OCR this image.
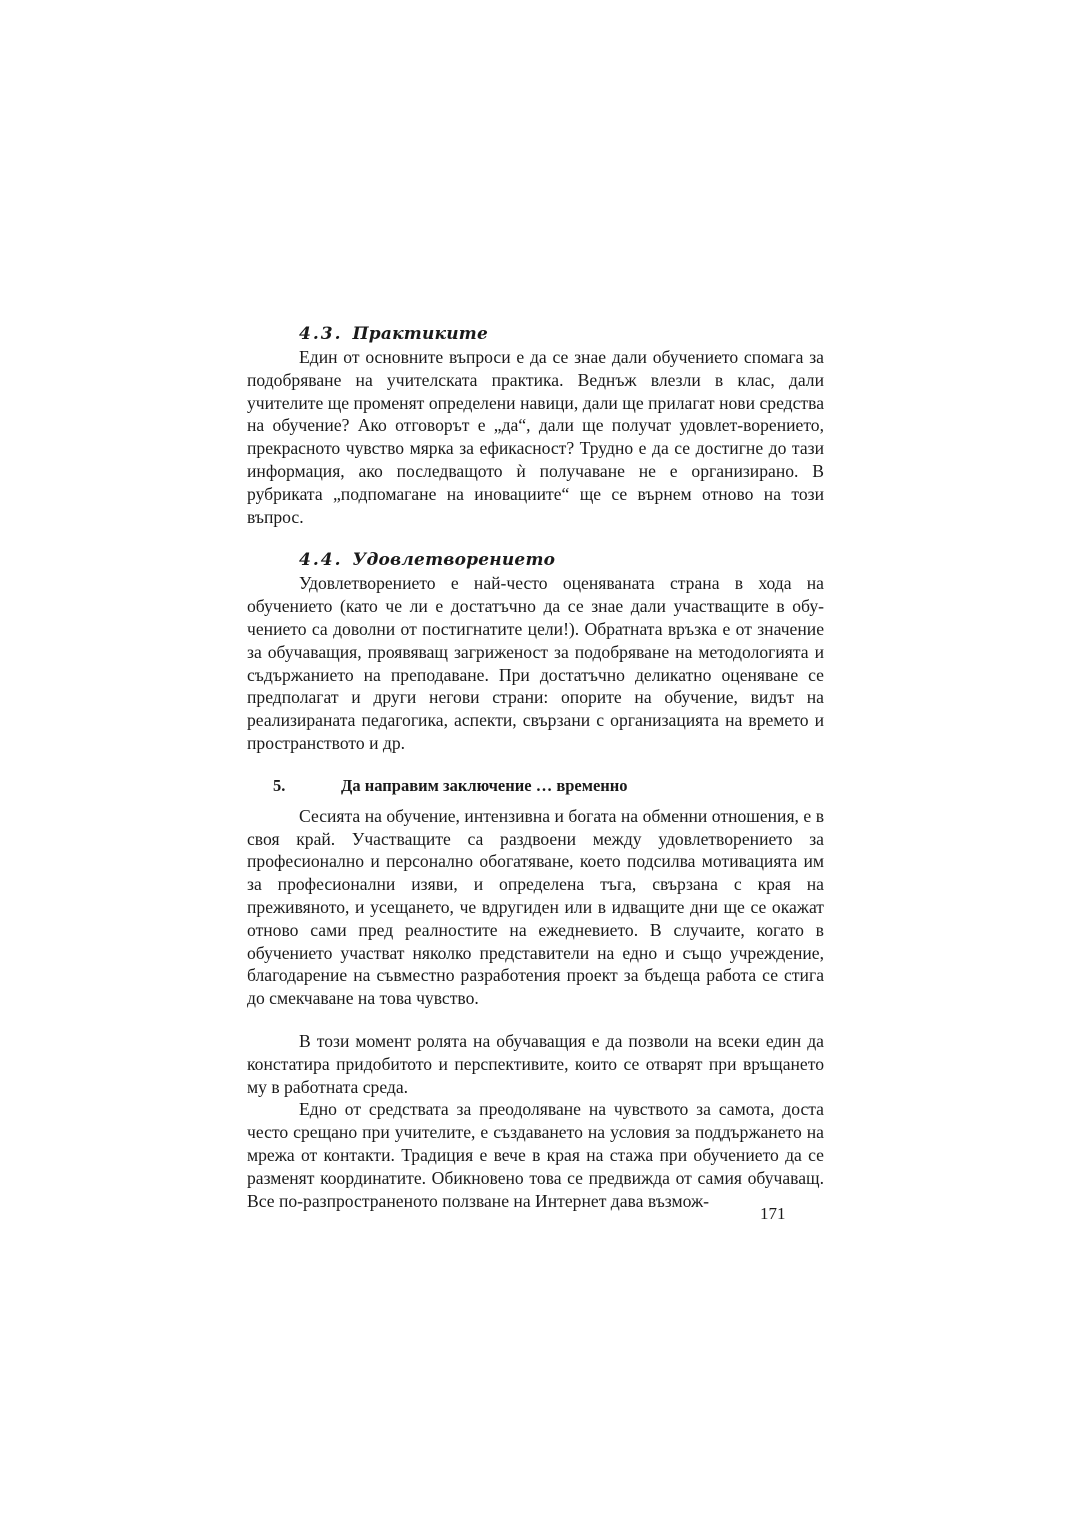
4.3. Практиките

Един от основните въпроси е да се знае дали обучението спомага за подобряване на учителската практика. Веднъж влезли в клас, дали учителите ще променят определени навици, дали ще прилагат нови средства на обучение? Ако отговорът е „да“, дали ще получат удовлет-ворението, прекрасното чувство мярка за ефикасност? Трудно е да се достигне до тази информация, ако последващото ѝ получаване не е организирано. В рубриката „подпомагане на иновациите“ ще се върнем отново на този въпрос.

4.4. Удовлетворението

Удовлетворението е най-често оценяваната страна в хода на обучението (като че ли е достатъчно да се знае дали участващите в обу-чението са доволни от постигнатите цели!). Обратната връзка е от значение за обучаващия, проявяващ загриженост за подобряване на методологията и съдържанието на преподаване. При достатъчно деликатно оценяване се предполагат и други негови страни: опорите на обучение, видът на реализираната педагогика, аспекти, свързани с организацията на времето и пространството и др.

5.	Да направим заключение … временно

Сесията на обучение, интензивна и богата на обменни отношения, е в своя край. Участващите са раздвоени между удовлетворението за професионално и персонално обогатяване, което подсилва мотивацията им за професионални изяви, и определена тъга, свързана с края на преживяното, и усещането, че вдругиден или в идващите дни ще се окажат отново сами пред реалностите на ежедневието. В случаите, когато в обучението участват няколко представители на едно и също учреждение, благодарение на съвместно разработения проект за бъдеща работа се стига до смекчаване на това чувство.

В този момент ролята на обучаващия е да позволи на всеки един да констатира придобитото и перспективите, които се отварят при връщането му в работната среда.

Едно от средствата за преодоляване на чувството за самота, доста често срещано при учителите, е създаването на условия за поддържането на мрежа от контакти. Традиция е вече в края на стажа при обучението да се разменят координатите. Обикновено това се предвижда от самия обучаващ. Все по-разпространеното ползване на Интернет дава възмож-

171
